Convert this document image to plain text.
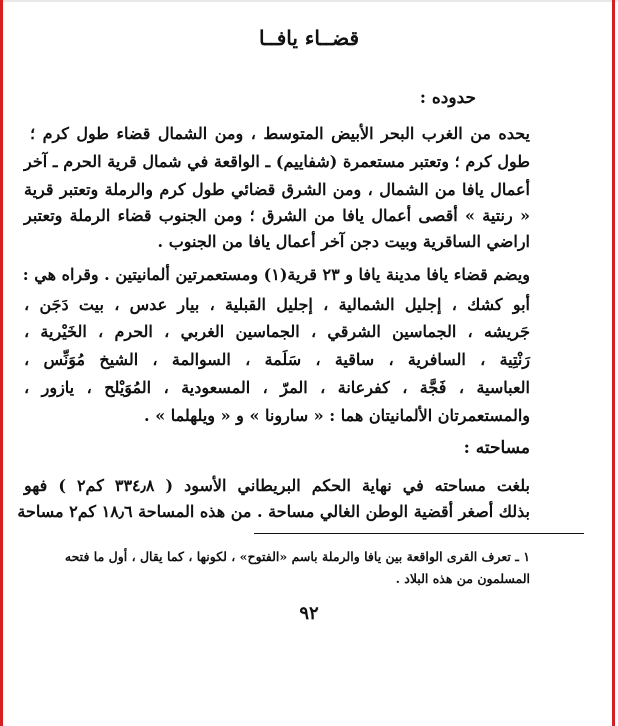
قضــاء يافــا
حدوده :
يحده من الغرب البحر الأبيض المتوسط ، ومن الشمال قضاء طول كرم ؛
طول كرم ؛ وتعتبر مستعمرة (شفاييم) ـ الواقعة في شمال قرية الحرم ـ آخر
أعمال يافا من الشمال ، ومن الشرق قضائي طول كرم والرملة وتعتبر قرية
« رنتية » أقصى أعمال يافا من الشرق ؛ ومن الجنوب قضاء الرملة وتعتبر
اراضي الساقرية وبيت دجن آخر أعمال يافا من الجنوب .
ويضم قضاء يافا مدينة يافا و ٢٣ قرية(١) ومستعمرتين ألمانيتين . وقراه هي :
أبو كشك ، إجليل الشمالية ، إجليل القبلية ، بيار عدس ، بيت دَجَن ،
جَريشه ، الجماسين الشرقي ، الجماسين الغربي ، الحرم ، الخَيْرية ،
رَنْتِية ، السافرية ، ساقية ، سَلَمة ، السوالمة ، الشيخ مُوَنِّس ،
العباسية ، فَجَّة ، كفرعانة ، المرّ ، المسعودية ، المُوَيْلح ، يازور ،
والمستعمرتان الألمانيتان هما : « سارونا » و « ويلهلما » .
مساحته :
بلغت مساحته في نهاية الحكم البريطاني الأسود ( ٣٣٤٫٨ كم٢ ) فهو
بذلك أصغر أقضية الوطن الغالي مساحة . من هذه المساحة ١٨٫٦ كم٢ مساحة
١ ـ تعرف القرى الواقعة بين يافا والرملة باسم «الفتوح» ، لكونها ، كما يقال ، أول ما فتحه
المسلمون من هذه البلاد .
٩٢
